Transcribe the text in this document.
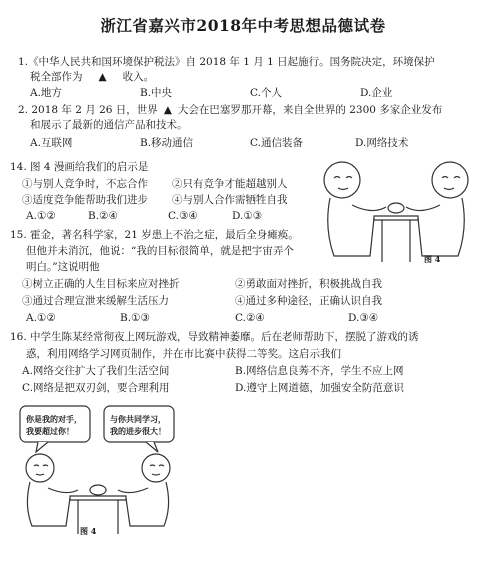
浙江省嘉兴市2018年中考思想品德试卷
1.《中华人民共和国环境保护税法》自 2018 年 1 月 1 日起施行。国务院决定，环境保护
税全部作为 ▲ 收入。
A.地方	B.中央	C.个人	D.企业
2. 2018 年 2 月 26 日，世界 ▲ 大会在巴塞罗那开幕，来自全世界的 2300 多家企业发布
和展示了最新的通信产品和技术。
A.互联网	B.移动通信	C.通信装备	D.网络技术
14. 图 4 漫画给我们的启示是
①与别人竞争时，不忘合作 ②只有竞争才能超越别人
③适度竞争能帮助我们进步 ④与别人合作需牺牲自我
A.①②	B.②④	C.③④	D.①③
15. 霍金，著名科学家，21 岁患上不治之症，最后全身瘫痪。
但他并未消沉，他说：“我的目标很简单，就是把宇宙弄个
明白。”这说明他
①树立正确的人生目标来应对挫折	②勇敢面对挫折，积极挑战自我
③通过合理宣泄来缓解生活压力	④通过多种途径，正确认识自我
A.①②	B.①③	C.②④	D.③④
16. 中学生陈某经常彻夜上网玩游戏，导致精神萎靡。后在老师帮助下，摆脱了游戏的诱
惑，利用网络学习网页制作，并在市比赛中获得二等奖。这启示我们
A.网络交往扩大了我们生活空间	B.网络信息良莠不齐，学生不应上网
C.网络是把双刃剑，要合理利用	D.遵守上网道德，加强安全防范意识
图 4
你是我的对手，
我要超过你！
与你共同学习，
我的进步很大！
图 4
